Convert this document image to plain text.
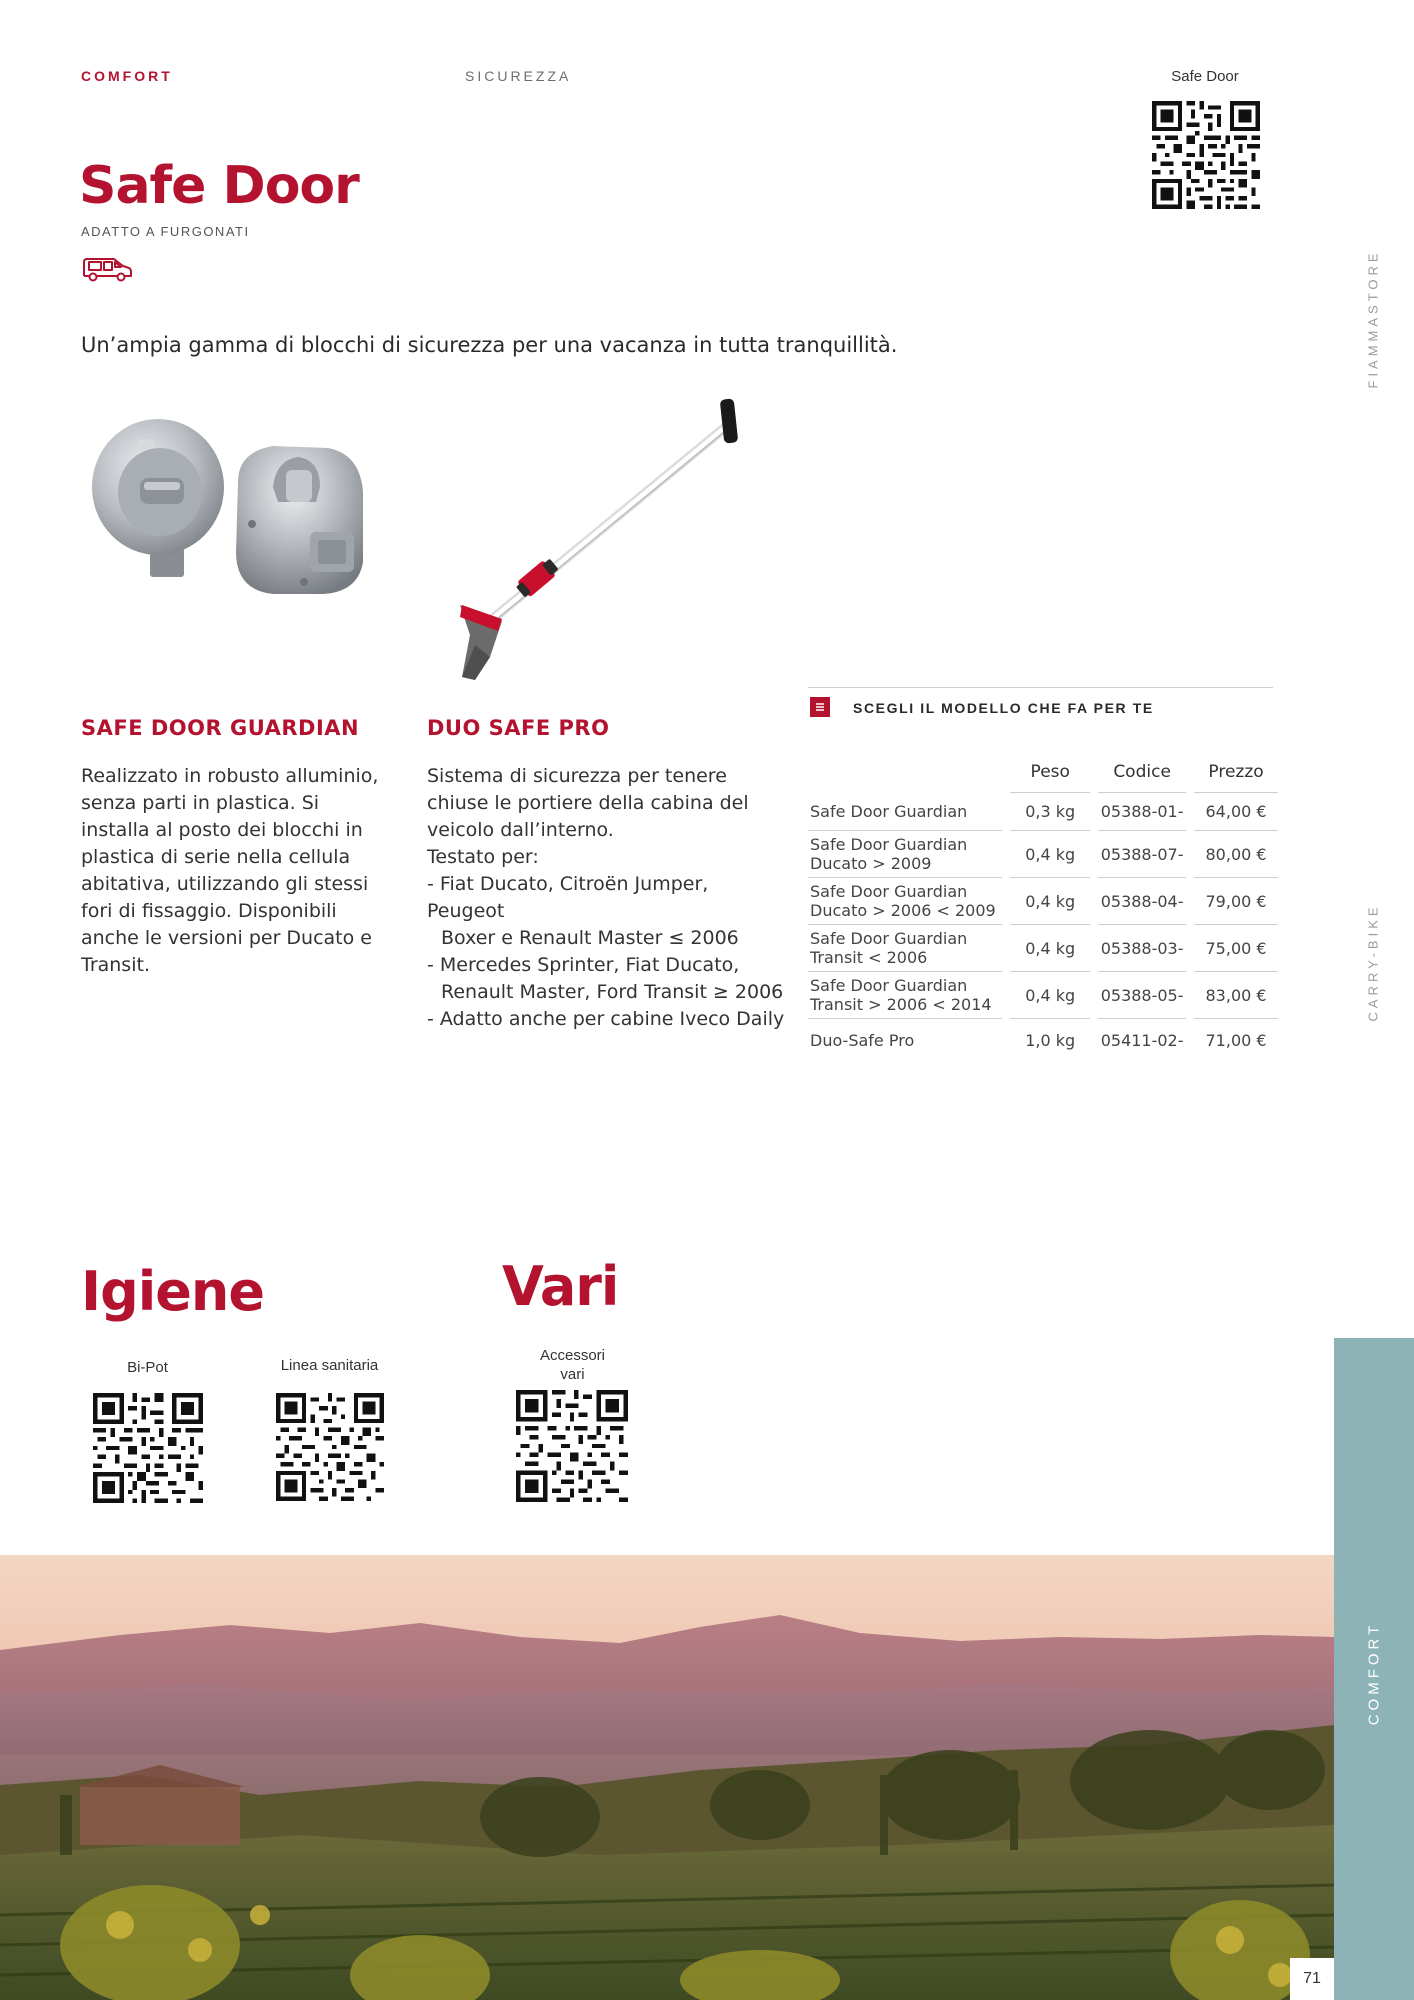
COMFORT	SICUREZZA	Safe Door
Safe Door
ADATTO A FURGONATI
Un’ampia gamma di blocchi di sicurezza per una vacanza in tutta tranquillità.	FIAMMASTORE
CARRY-BIKE
SAFE DOOR GUARDIAN
Realizzato in robusto alluminio,
senza parti in plastica. Si
installa al posto dei blocchi in
plastica di serie nella cellula
abitativa, utilizzando gli stessi
fori di fissaggio. Disponibili
anche le versioni per Ducato e
Transit.
DUO SAFE PRO
Sistema di sicurezza per tenere
chiuse le portiere della cabina del
veicolo dall’interno.
Testato per:
- Fiat Ducato, Citroën Jumper, Peugeot
Boxer e Renault Master ≤ 2006
- Mercedes Sprinter, Fiat Ducato,
Renault Master, Ford Transit ≥ 2006
- Adatto anche per cabine Iveco Daily
SCEGLI IL MODELLO CHE FA PER TE
	Peso	Codice	Prezzo
Safe Door Guardian	0,3 kg	05388-01-	64,00 €
Safe Door Guardian
Ducato > 2009	0,4 kg	05388-07-	80,00 €
Safe Door Guardian
Ducato > 2006 < 2009	0,4 kg	05388-04-	79,00 €
Safe Door Guardian
Transit < 2006	0,4 kg	05388-03-	75,00 €
Safe Door Guardian
Transit > 2006 < 2014	0,4 kg	05388-05-	83,00 €
Duo-Safe Pro	1,0 kg	05411-02-	71,00 €
Igiene
Bi-Pot	Linea sanitaria
Vari
Accessori
vari
COMFORT
71
